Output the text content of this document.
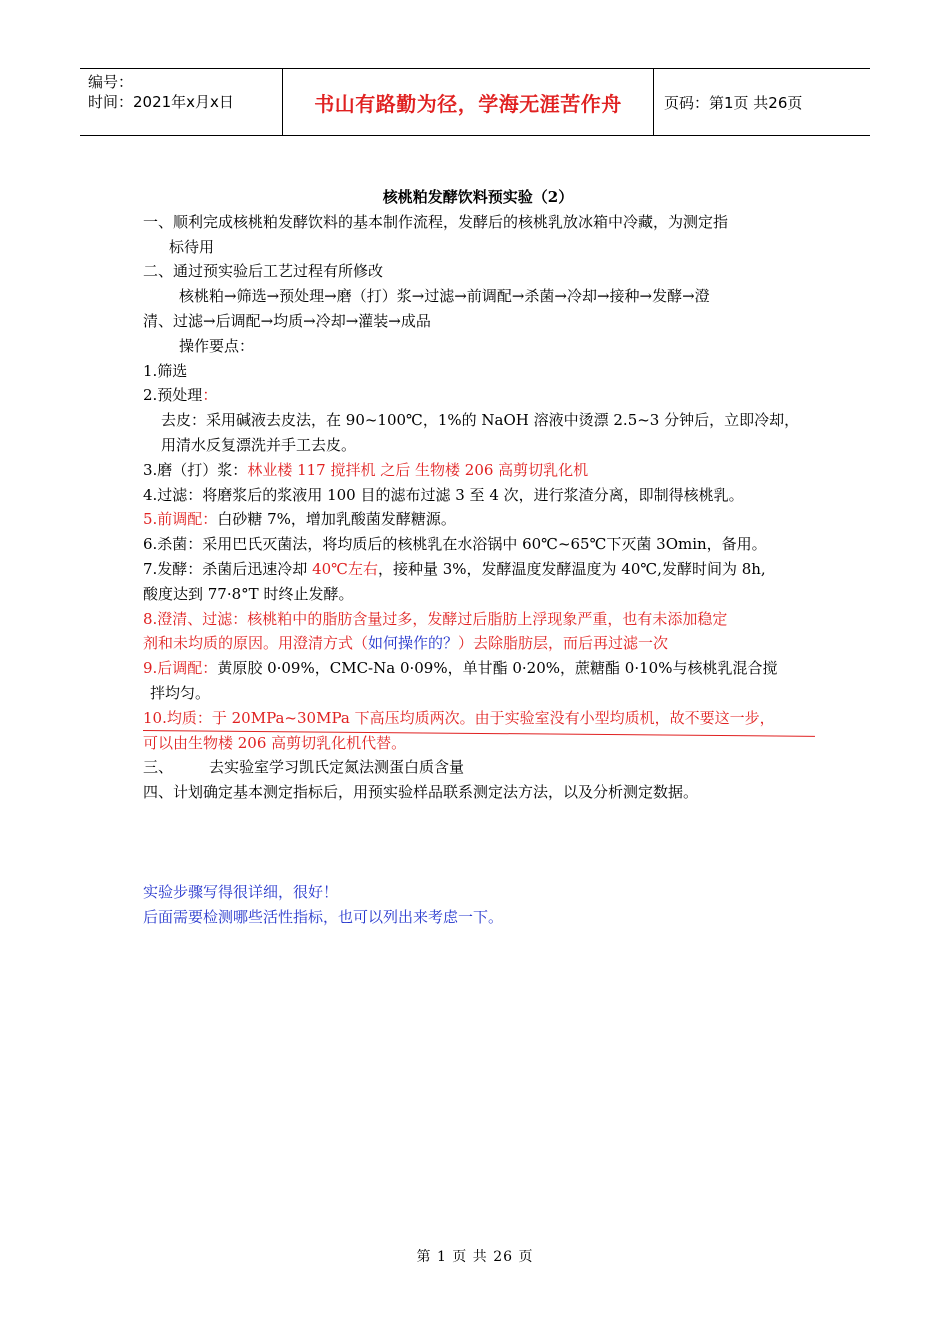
编号：
时间：2021年x月x日	书山有路勤为径，学海无涯苦作舟	页码：第1页 共26页
核桃粕发酵饮料预实验（2）
一、顺利完成核桃粕发酵饮料的基本制作流程，发酵后的核桃乳放冰箱中冷藏，为测定指
标待用
二、通过预实验后工艺过程有所修改
核桃粕→筛选→预处理→磨（打）浆→过滤→前调配→杀菌→冷却→接种→发酵→澄
清、过滤→后调配→均质→冷却→灌装→成品
操作要点：
1.筛选
2.预处理：
去皮：采用碱液去皮法，在 90~100℃，1%的 NaOH 溶液中烫漂 2.5~3 分钟后，立即冷却，
用清水反复漂洗并手工去皮。
3.磨（打）浆：林业楼 117 搅拌机 之后 生物楼 206 高剪切乳化机
4.过滤：将磨浆后的浆液用 100 目的滤布过滤 3 至 4 次，进行浆渣分离，即制得核桃乳。
5.前调配：白砂糖 7%，增加乳酸菌发酵糖源。
6.杀菌：采用巴氏灭菌法，将均质后的核桃乳在水浴锅中 60℃~65℃下灭菌 3Omin，备用。
7.发酵：杀菌后迅速冷却 40℃左右，接种量 3%，发酵温度发酵温度为 40℃,发酵时间为 8h,
酸度达到 77·8°T 时终止发酵。
8.澄清、过滤：核桃粕中的脂肪含量过多，发酵过后脂肪上浮现象严重，也有未添加稳定
剂和未均质的原因。用澄清方式（如何操作的？）去除脂肪层，而后再过滤一次
9.后调配：黄原胶 0·09%，CMC-Na 0·09%，单甘酯 0·20%，蔗糖酯 0·10%与核桃乳混合搅
拌均匀。
10.均质：于 20MPa~30MPa 下高压均质两次。由于实验室没有小型均质机，故不要这一步，
可以由生物楼 206 高剪切乳化机代替。
三、 去实验室学习凯氏定氮法测蛋白质含量
四、计划确定基本测定指标后，用预实验样品联系测定法方法，以及分析测定数据。
实验步骤写得很详细，很好！
后面需要检测哪些活性指标，也可以列出来考虑一下。
第 1 页 共 26 页
